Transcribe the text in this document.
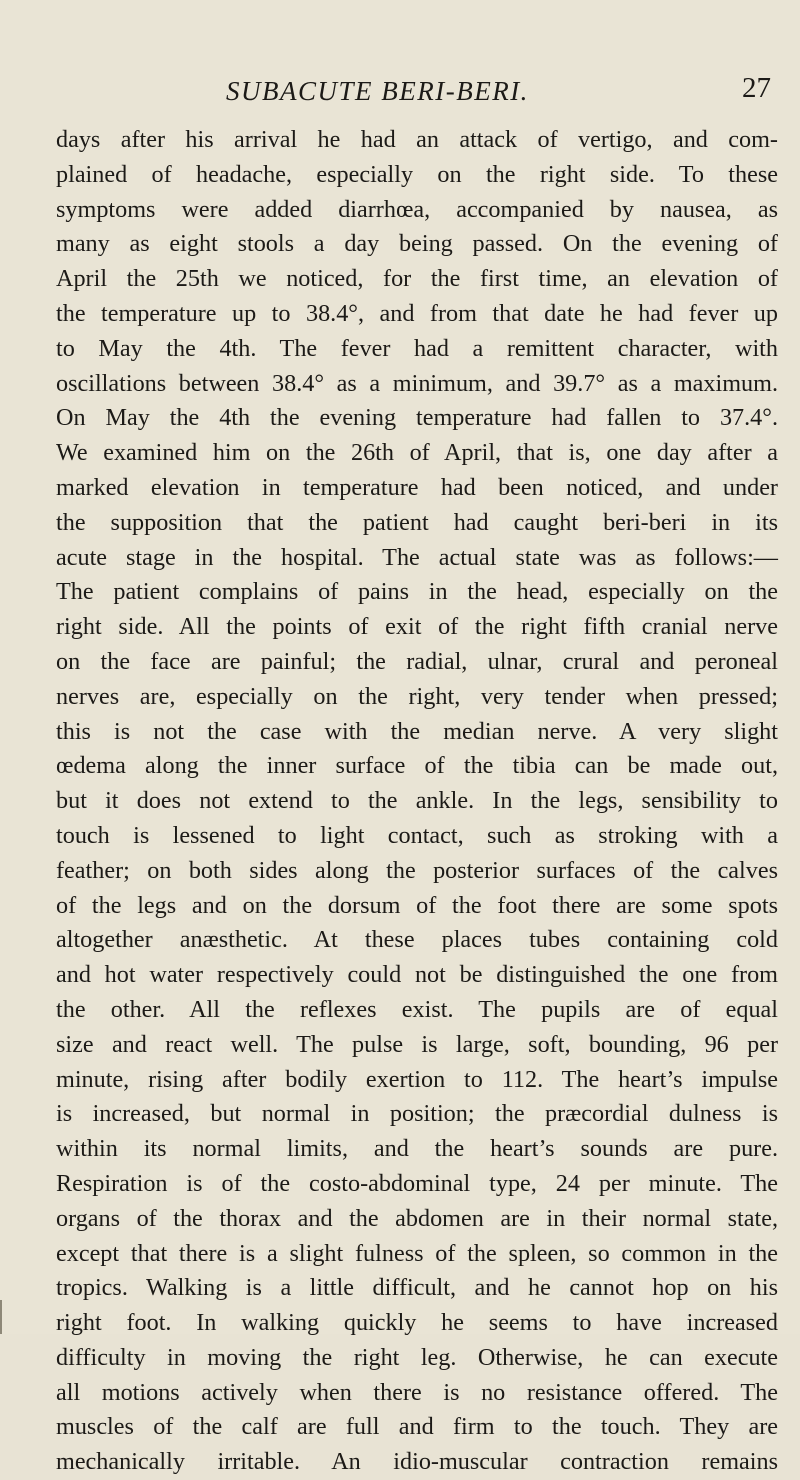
SUBACUTE BERI-BERI.	27
days after his arrival he had an attack of vertigo, and com-
plained of headache, especially on the right side. To these
symptoms were added diarrhœa, accompanied by nausea, as
many as eight stools a day being passed. On the evening of
April the 25th we noticed, for the first time, an elevation of
the temperature up to 38.4°, and from that date he had fever up
to May the 4th. The fever had a remittent character, with
oscillations between 38.4° as a minimum, and 39.7° as a maximum.
On May the 4th the evening temperature had fallen to 37.4°.
We examined him on the 26th of April, that is, one day after a
marked elevation in temperature had been noticed, and under
the supposition that the patient had caught beri-beri in its
acute stage in the hospital. The actual state was as follows:—
The patient complains of pains in the head, especially on the
right side. All the points of exit of the right fifth cranial nerve
on the face are painful; the radial, ulnar, crural and peroneal
nerves are, especially on the right, very tender when pressed;
this is not the case with the median nerve. A very slight
œdema along the inner surface of the tibia can be made out,
but it does not extend to the ankle. In the legs, sensibility to
touch is lessened to light contact, such as stroking with a
feather; on both sides along the posterior surfaces of the calves
of the legs and on the dorsum of the foot there are some spots
altogether anæsthetic. At these places tubes containing cold
and hot water respectively could not be distinguished the one from
the other. All the reflexes exist. The pupils are of equal
size and react well. The pulse is large, soft, bounding, 96 per
minute, rising after bodily exertion to 112. The heart’s impulse
is increased, but normal in position; the præcordial dulness is
within its normal limits, and the heart’s sounds are pure.
Respiration is of the costo-abdominal type, 24 per minute. The
organs of the thorax and the abdomen are in their normal state,
except that there is a slight fulness of the spleen, so common in the
tropics. Walking is a little difficult, and he cannot hop on his
right foot. In walking quickly he seems to have increased
difficulty in moving the right leg. Otherwise, he can execute
all motions actively when there is no resistance offered. The
muscles of the calf are full and firm to the touch. They are
mechanically irritable. An idio-muscular contraction remains
